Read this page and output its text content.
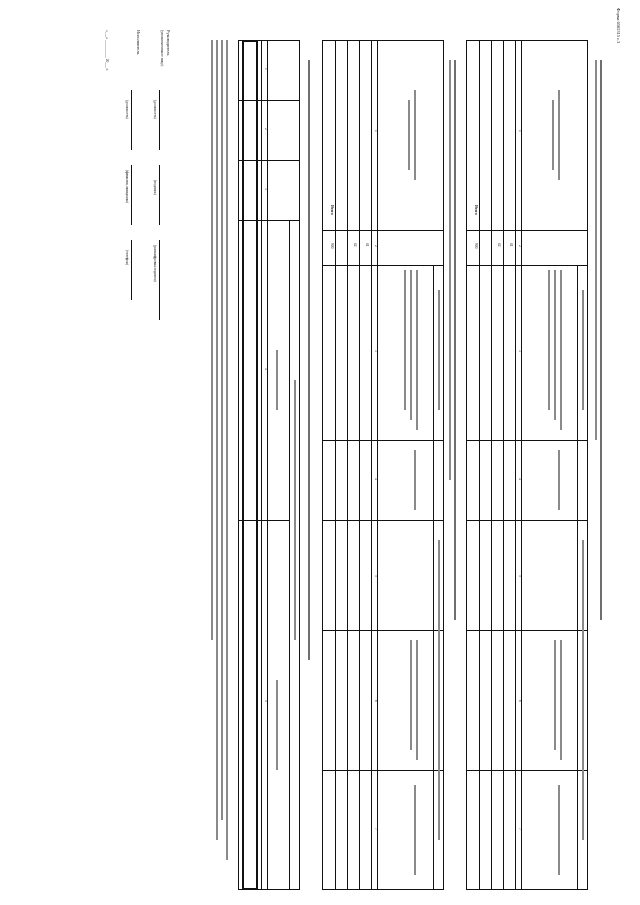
Форма 0505315 с.3
1
2
3
4
5
6
7
01
02
Итого
900
1
2
3
4
5
6
7
01
02
Итого
900
1
2
3
4
5
Руководитель
(уполномоченное лицо)
(должность)
(подпись)
(расшифровка подписи)
Исполнитель
(должность)
(фамилия, инициалы)
(телефон)
«___» __________ 20___ г.
